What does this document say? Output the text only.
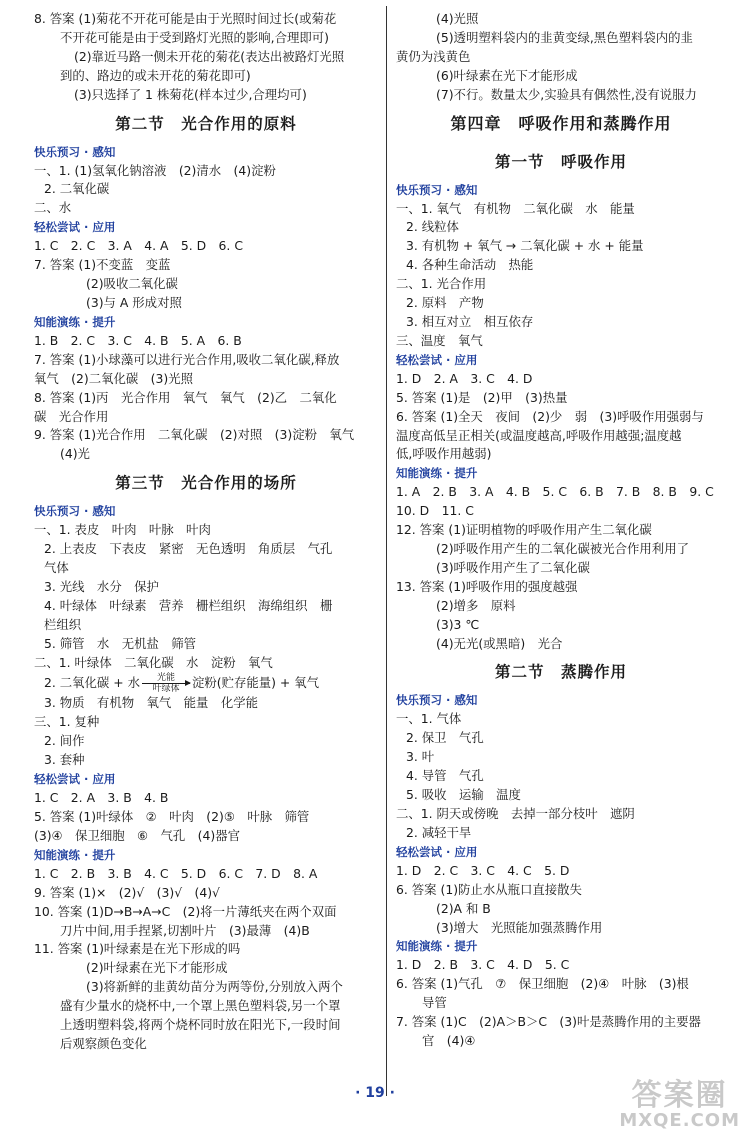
8. 答案 (1)菊花不开花可能是由于光照时间过长(或菊花
不开花可能是由于受到路灯光照的影响,合理即可)
(2)靠近马路一侧未开花的菊花(表达出被路灯光照
到的、路边的或未开花的菊花即可)
(3)只选择了 1 株菊花(样本过少,合理均可)
第二节　光合作用的原料
快乐预习 · 感知
一、1. (1)氢氧化钠溶液　(2)清水　(4)淀粉
2. 二氧化碳
二、水
轻松尝试 · 应用
1. C　2. C　3. A　4. A　5. D　6. C
7. 答案 (1)不变蓝　变蓝
(2)吸收二氧化碳
(3)与 A 形成对照
知能演练 · 提升
1. B　2. C　3. C　4. B　5. A　6. B
7. 答案 (1)小球藻可以进行光合作用,吸收二氧化碳,释放
氧气　(2)二氧化碳　(3)光照
8. 答案 (1)丙　光合作用　氧气　氧气　(2)乙　二氧化
碳　光合作用
9. 答案 (1)光合作用　二氧化碳　(2)对照　(3)淀粉　氧气
(4)光
第三节　光合作用的场所
快乐预习 · 感知
一、1. 表皮　叶肉　叶脉　叶肉
2. 上表皮　下表皮　紧密　无色透明　角质层　气孔
气体
3. 光线　水分　保护
4. 叶绿体　叶绿素　营养　栅栏组织　海绵组织　栅
栏组织
5. 筛管　水　无机盐　筛管
二、1. 叶绿体　二氧化碳　水　淀粉　氧气
2. 二氧化碳 + 水 光能
叶绿体 淀粉(贮存能量) + 氧气
3. 物质　有机物　氧气　能量　化学能
三、1. 复种
2. 间作
3. 套种
轻松尝试 · 应用
1. C　2. A　3. B　4. B
5. 答案 (1)叶绿体　②　叶肉　(2)⑤　叶脉　筛管
(3)④　保卫细胞　⑥　气孔　(4)器官
知能演练 · 提升
1. C　2. B　3. B　4. C　5. D　6. C　7. D　8. A
9. 答案 (1)×　(2)√　(3)√　(4)√
10. 答案 (1)D→B→A→C　(2)将一片薄纸夹在两个双面
刀片中间,用手捏紧,切割叶片　(3)最薄　(4)B
11. 答案 (1)叶绿素是在光下形成的吗
(2)叶绿素在光下才能形成
(3)将新鲜的韭黄幼苗分为两等份,分别放入两个
盛有少量水的烧杯中,一个罩上黑色塑料袋,另一个罩
上透明塑料袋,将两个烧杯同时放在阳光下,一段时间
后观察颜色变化
(4)光照
(5)透明塑料袋内的韭黄变绿,黑色塑料袋内的韭
黄仍为浅黄色
(6)叶绿素在光下才能形成
(7)不行。数量太少,实验具有偶然性,没有说服力
第四章　呼吸作用和蒸腾作用
第一节　呼吸作用
快乐预习 · 感知
一、1. 氧气　有机物　二氧化碳　水　能量
2. 线粒体
3. 有机物 + 氧气 → 二氧化碳 + 水 + 能量
4. 各种生命活动　热能
二、1. 光合作用
2. 原料　产物
3. 相互对立　相互依存
三、温度　氧气
轻松尝试 · 应用
1. D　2. A　3. C　4. D
5. 答案 (1)是　(2)甲　(3)热量
6. 答案 (1)全天　夜间　(2)少　弱　(3)呼吸作用强弱与
温度高低呈正相关(或温度越高,呼吸作用越强;温度越
低,呼吸作用越弱)
知能演练 · 提升
1. A　2. B　3. A　4. B　5. C　6. B　7. B　8. B　9. C
10. D　11. C
12. 答案 (1)证明植物的呼吸作用产生二氧化碳
(2)呼吸作用产生的二氧化碳被光合作用利用了
(3)呼吸作用产生了二氧化碳
13. 答案 (1)呼吸作用的强度越强
(2)增多　原料
(3)3 ℃
(4)无光(或黑暗)　光合
第二节　蒸腾作用
快乐预习 · 感知
一、1. 气体
2. 保卫　气孔
3. 叶
4. 导管　气孔
5. 吸收　运输　温度
二、1. 阴天或傍晚　去掉一部分枝叶　遮阴
2. 减轻干旱
轻松尝试 · 应用
1. D　2. C　3. C　4. C　5. D
6. 答案 (1)防止水从瓶口直接散失
(2)A 和 B
(3)增大　光照能加强蒸腾作用
知能演练 · 提升
1. D　2. B　3. C　4. D　5. C
6. 答案 (1)气孔　⑦　保卫细胞　(2)④　叶脉　(3)根
导管
7. 答案 (1)C　(2)A＞B＞C　(3)叶是蒸腾作用的主要器
官　(4)④
· 19 ·	答案圈
MXQE.COM
